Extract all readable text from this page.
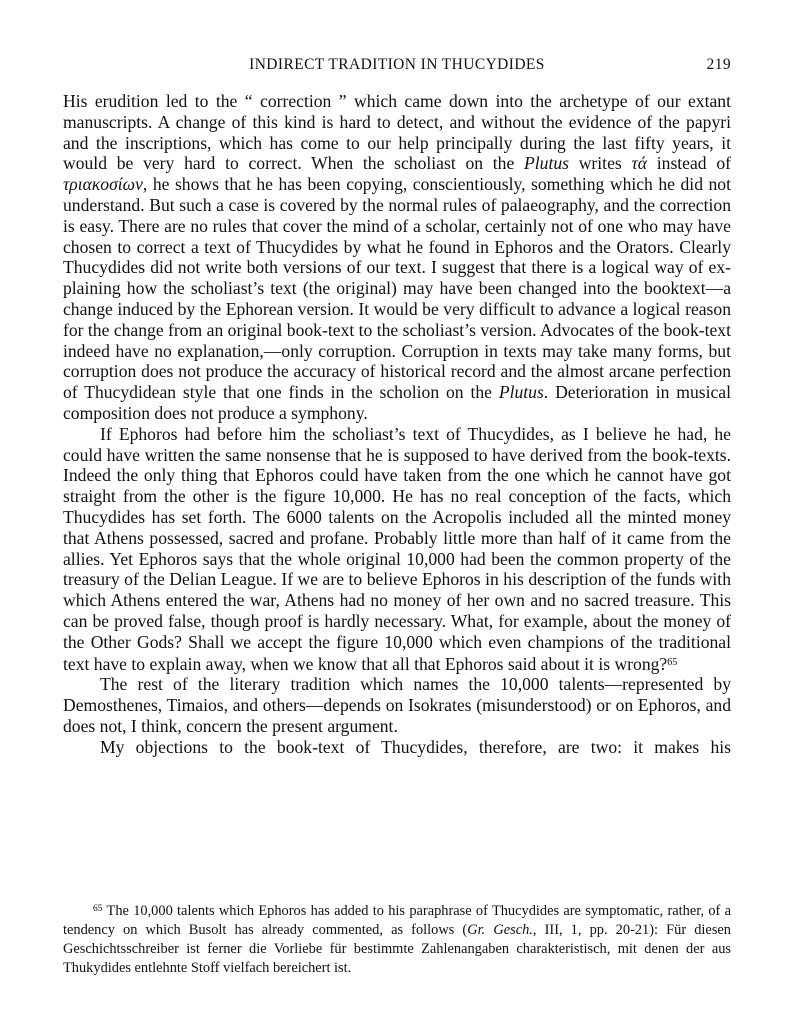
INDIRECT TRADITION IN THUCYDIDES	219

His erudition led to the “ correction ” which came down into the archetype of our extant manuscripts. A change of this kind is hard to detect, and without the evidence of the papyri and the inscriptions, which has come to our help principally during the last fifty years, it would be very hard to correct. When the scholiast on the Plutus writes τά instead of τριακοσίων, he shows that he has been copying, conscientiously, something which he did not understand. But such a case is covered by the normal rules of palaeography, and the correction is easy. There are no rules that cover the mind of a scholar, certainly not of one who may have chosen to correct a text of Thucydides by what he found in Ephoros and the Orators. Clearly Thucydides did not write both versions of our text. I suggest that there is a logical way of explaining how the scholiast’s text (the original) may have been changed into the booktext—a change induced by the Ephorean version. It would be very difficult to advance a logical reason for the change from an original book-text to the scholiast’s version. Advocates of the book-text indeed have no explanation,—only corruption. Corruption in texts may take many forms, but corruption does not produce the accuracy of historical record and the almost arcane perfection of Thucydidean style that one finds in the scholion on the Plutus. Deterioration in musical composition does not produce a symphony.

If Ephoros had before him the scholiast’s text of Thucydides, as I believe he had, he could have written the same nonsense that he is supposed to have derived from the book-texts. Indeed the only thing that Ephoros could have taken from the one which he cannot have got straight from the other is the figure 10,000. He has no real conception of the facts, which Thucydides has set forth. The 6000 talents on the Acropolis included all the minted money that Athens possessed, sacred and profane. Probably little more than half of it came from the allies. Yet Ephoros says that the whole original 10,000 had been the common property of the treasury of the Delian League. If we are to believe Ephoros in his description of the funds with which Athens entered the war, Athens had no money of her own and no sacred treasure. This can be proved false, though proof is hardly necessary. What, for example, about the money of the Other Gods? Shall we accept the figure 10,000 which even champions of the traditional text have to explain away, when we know that all that Ephoros said about it is wrong?$^{65}$

The rest of the literary tradition which names the 10,000 talents—represented by Demosthenes, Timaios, and others—depends on Isokrates (misunderstood) or on Ephoros, and does not, I think, concern the present argument.

My objections to the book-text of Thucydides, therefore, are two: it makes his

$^{65}$ The 10,000 talents which Ephoros has added to his paraphrase of Thucydides are symptomatic, rather, of a tendency on which Busolt has already commented, as follows (Gr. Gesch., III, 1, pp. 20-21): Für diesen Geschichtsschreiber ist ferner die Vorliebe für bestimmte Zahlenangaben charakteristisch, mit denen der aus Thukydides entlehnte Stoff vielfach bereichert ist.
